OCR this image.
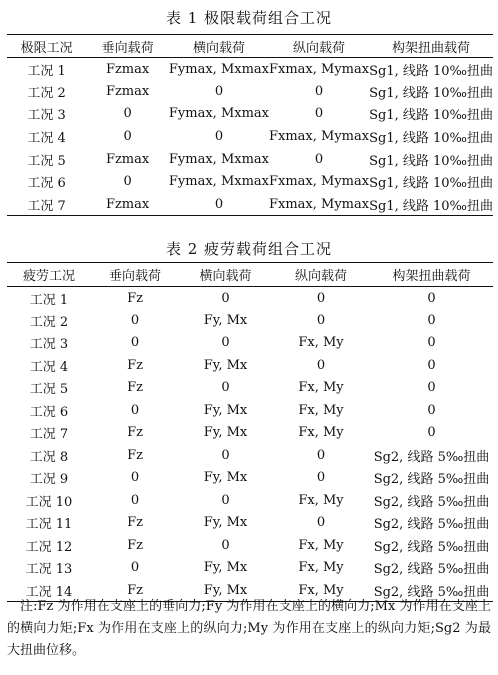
表 1 极限载荷组合工况
极限工况	垂向载荷	横向载荷	纵向载荷	构架扭曲载荷
工况 1	Fzmax	Fymax, Mxmax	Fxmax, Mymax	Sg1, 线路 10‰扭曲
工况 2	Fzmax	0	0	Sg1, 线路 10‰扭曲
工况 3	0	Fymax, Mxmax	0	Sg1, 线路 10‰扭曲
工况 4	0	0	Fxmax, Mymax	Sg1, 线路 10‰扭曲
工况 5	Fzmax	Fymax, Mxmax	0	Sg1, 线路 10‰扭曲
工况 6	0	Fymax, Mxmax	Fxmax, Mymax	Sg1, 线路 10‰扭曲
工况 7	Fzmax	0	Fxmax, Mymax	Sg1, 线路 10‰扭曲
表 2 疲劳载荷组合工况
疲劳工况	垂向载荷	横向载荷	纵向载荷	构架扭曲载荷
工况 1	Fz	0	0	0
工况 2	0	Fy, Mx	0	0
工况 3	0	0	Fx, My	0
工况 4	Fz	Fy, Mx	0	0
工况 5	Fz	0	Fx, My	0
工况 6	0	Fy, Mx	Fx, My	0
工况 7	Fz	Fy, Mx	Fx, My	0
工况 8	Fz	0	0	Sg2, 线路 5‰扭曲
工况 9	0	Fy, Mx	0	Sg2, 线路 5‰扭曲
工况 10	0	0	Fx, My	Sg2, 线路 5‰扭曲
工况 11	Fz	Fy, Mx	0	Sg2, 线路 5‰扭曲
工况 12	Fz	0	Fx, My	Sg2, 线路 5‰扭曲
工况 13	0	Fy, Mx	Fx, My	Sg2, 线路 5‰扭曲
工况 14	Fz	Fy, Mx	Fx, My	Sg2, 线路 5‰扭曲
注:Fz 为作用在支座上的垂向力;Fy 为作用在支座上的横向力;Mx 为作用在支座上的横向力矩;Fx 为作用在支座上的纵向力;My 为作用在支座上的纵向力矩;Sg2 为最大扭曲位移。
